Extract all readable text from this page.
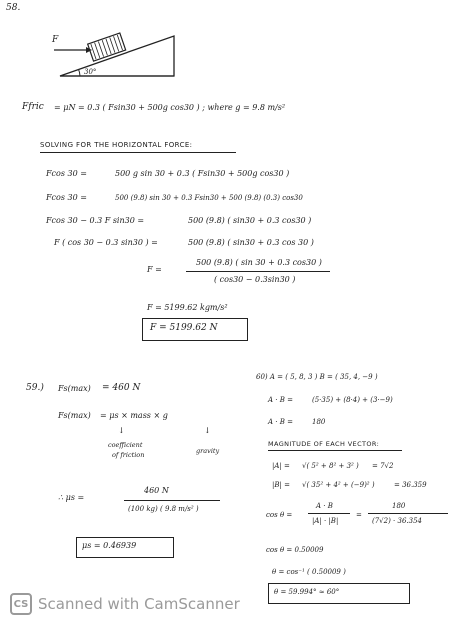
58.
F
30°
Ffric = μN = 0.3 ( Fsin30 + 500g cos30 ) ; where g = 9.8 m/s²
SOLVING FOR THE HORIZONTAL FORCE:
Fcos 30 =	500 g sin 30 + 0.3 ( Fsin30 + 500g cos30 )
Fcos 30 =	500 (9.8) sin 30 + 0.3 Fsin30 + 500 (9.8) (0.3) cos30
Fcos 30 − 0.3 F sin30 =	500 (9.8) ( sin30 + 0.3 cos30 )
F ( cos 30 − 0.3 sin30 ) =	500 (9.8) ( sin30 + 0.3 cos 30 )
F =
500 (9.8) ( sin 30 + 0.3 cos30 )
( cos30 − 0.3sin30 )
F = 5199.62 kgm/s²
F = 5199.62 N
59.) Fs(max) = 460 N
Fs(max) = μs × mass × g
↓	↓
coefficient
of friction	gravity
∴ μs =
460 N
(100 kg) ( 9.8 m/s² )
μs = 0.46939
60) A = ( 5, 8, 3 ) B = ( 35, 4, −9 )
A · B =	(5·35) + (8·4) + (3·−9)
A · B =	180
MAGNITUDE OF EACH VECTOR:
|A| = √( 5² + 8² + 3² ) = 7√2
|B| = √( 35² + 4² + (−9)² )	= 36.359
cos θ =
A · B
|A| · |B|
=
180
(7√2) · 36.354
cos θ = 0.50009
θ = cos⁻¹ ( 0.50009 )
θ = 59.994° ≈ 60°
CS Scanned with CamScanner
